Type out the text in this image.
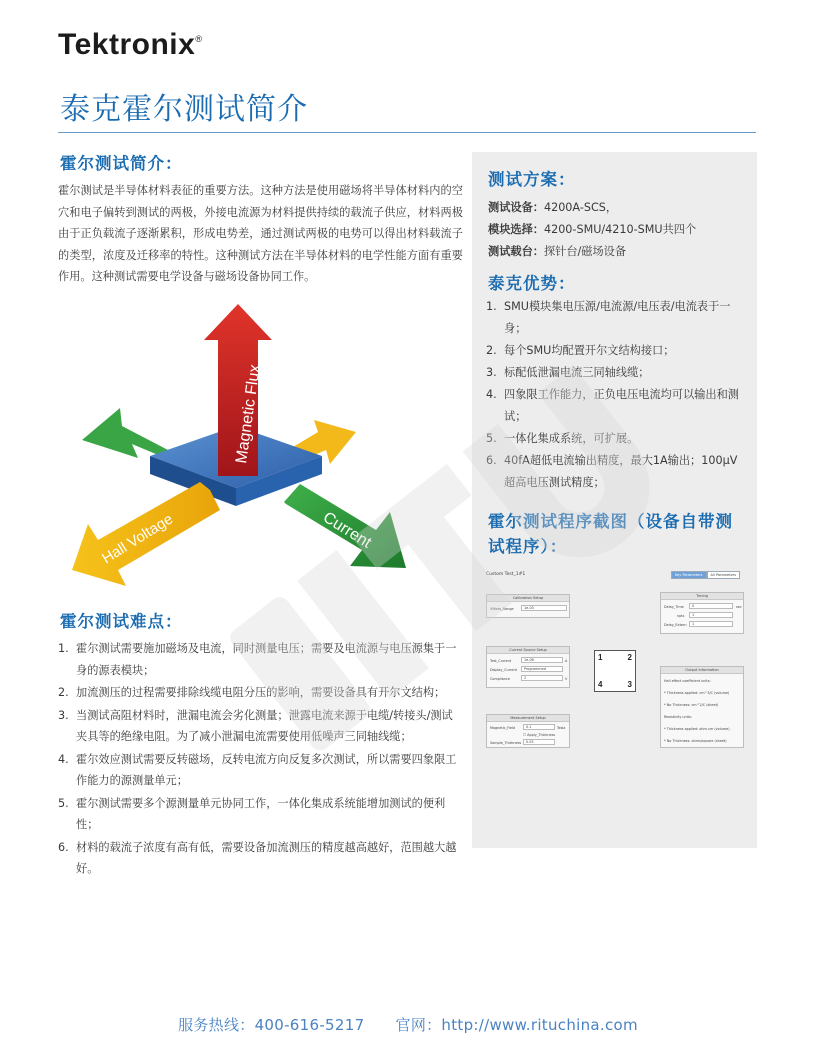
Tektronix®
泰克霍尔测试简介
霍尔测试简介：

霍尔测试是半导体材料表征的重要方法。这种方法是使用磁场将半导体材料内的空穴和电子偏转到测试的两极，外接电流源为材料提供持续的载流子供应，材料两极由于正负载流子逐渐累积，形成电势差，通过测试两极的电势可以得出材料载流子的类型，浓度及迁移率的特性。这种测试方法在半导体材料的电学性能方面有重要作用。这种测试需要电学设备与磁场设备协同工作。

Magnetic Flux
Current
Hall Voltage
霍尔测试难点：
1. 霍尔测试需要施加磁场及电流，同时测量电压；需要及电流源与电压源集于一身的源表模块；
2. 加流测压的过程需要排除线缆电阻分压的影响，需要设备具有开尔文结构；
3. 当测试高阻材料时，泄漏电流会劣化测量；泄露电流来源于电缆/转接头/测试夹具等的绝缘电阻。为了减小泄漏电流需要使用低噪声三同轴线缆；
4. 霍尔效应测试需要反转磁场，反转电流方向反复多次测试，所以需要四象限工作能力的源测量单元；
5. 霍尔测试需要多个源测量单元协同工作，一体化集成系统能增加测试的便利性；
6. 材料的载流子浓度有高有低，需要设备加流测压的精度越高越好，范围越大越好。
测试方案：
测试设备：4200A-SCS，
模块选择：4200-SMU/4210-SMU共四个
测试载台：探针台/磁场设备
泰克优势：
1. SMU模块集电压源/电流源/电压表/电流表于一身；
2. 每个SMU均配置开尔文结构接口；
3. 标配低泄漏电流三同轴线缆；
4. 四象限工作能力，正负电压电流均可以输出和测试；
5. 一体化集成系统，可扩展。
6. 40fA超低电流输出精度，最大1A输出；100μV超高电压测试精度；
霍尔测试程序截图（设备自带测试程序）：
Custom Test_1#1	Key Parameters	All Parameters
Calibration Setup
VMeas_Range	1e-03
Timing
Delay_Time	0	sec
npts	1
Delay_Extern	1
Current Source Setup
Test_Current	1e-06	A
Display_Current	Programmed
Compliance	2	V
Measurement Setup
Magnetic_Field	0.1	Tesla
☐ Apply_Thickness
Sample_Thickness	0.03
1	2
4	3
Output Information
Hall effect coefficient units:
* Thickness applied: cm^3/C (volume)
* No Thickness: cm^2/C (sheet)
Resistivity units:
* Thickness applied: ohm-cm (volume)
* No Thickness: ohms/square (sheet)
服务热线：400-616-5217 官网：http://www.rituchina.com
